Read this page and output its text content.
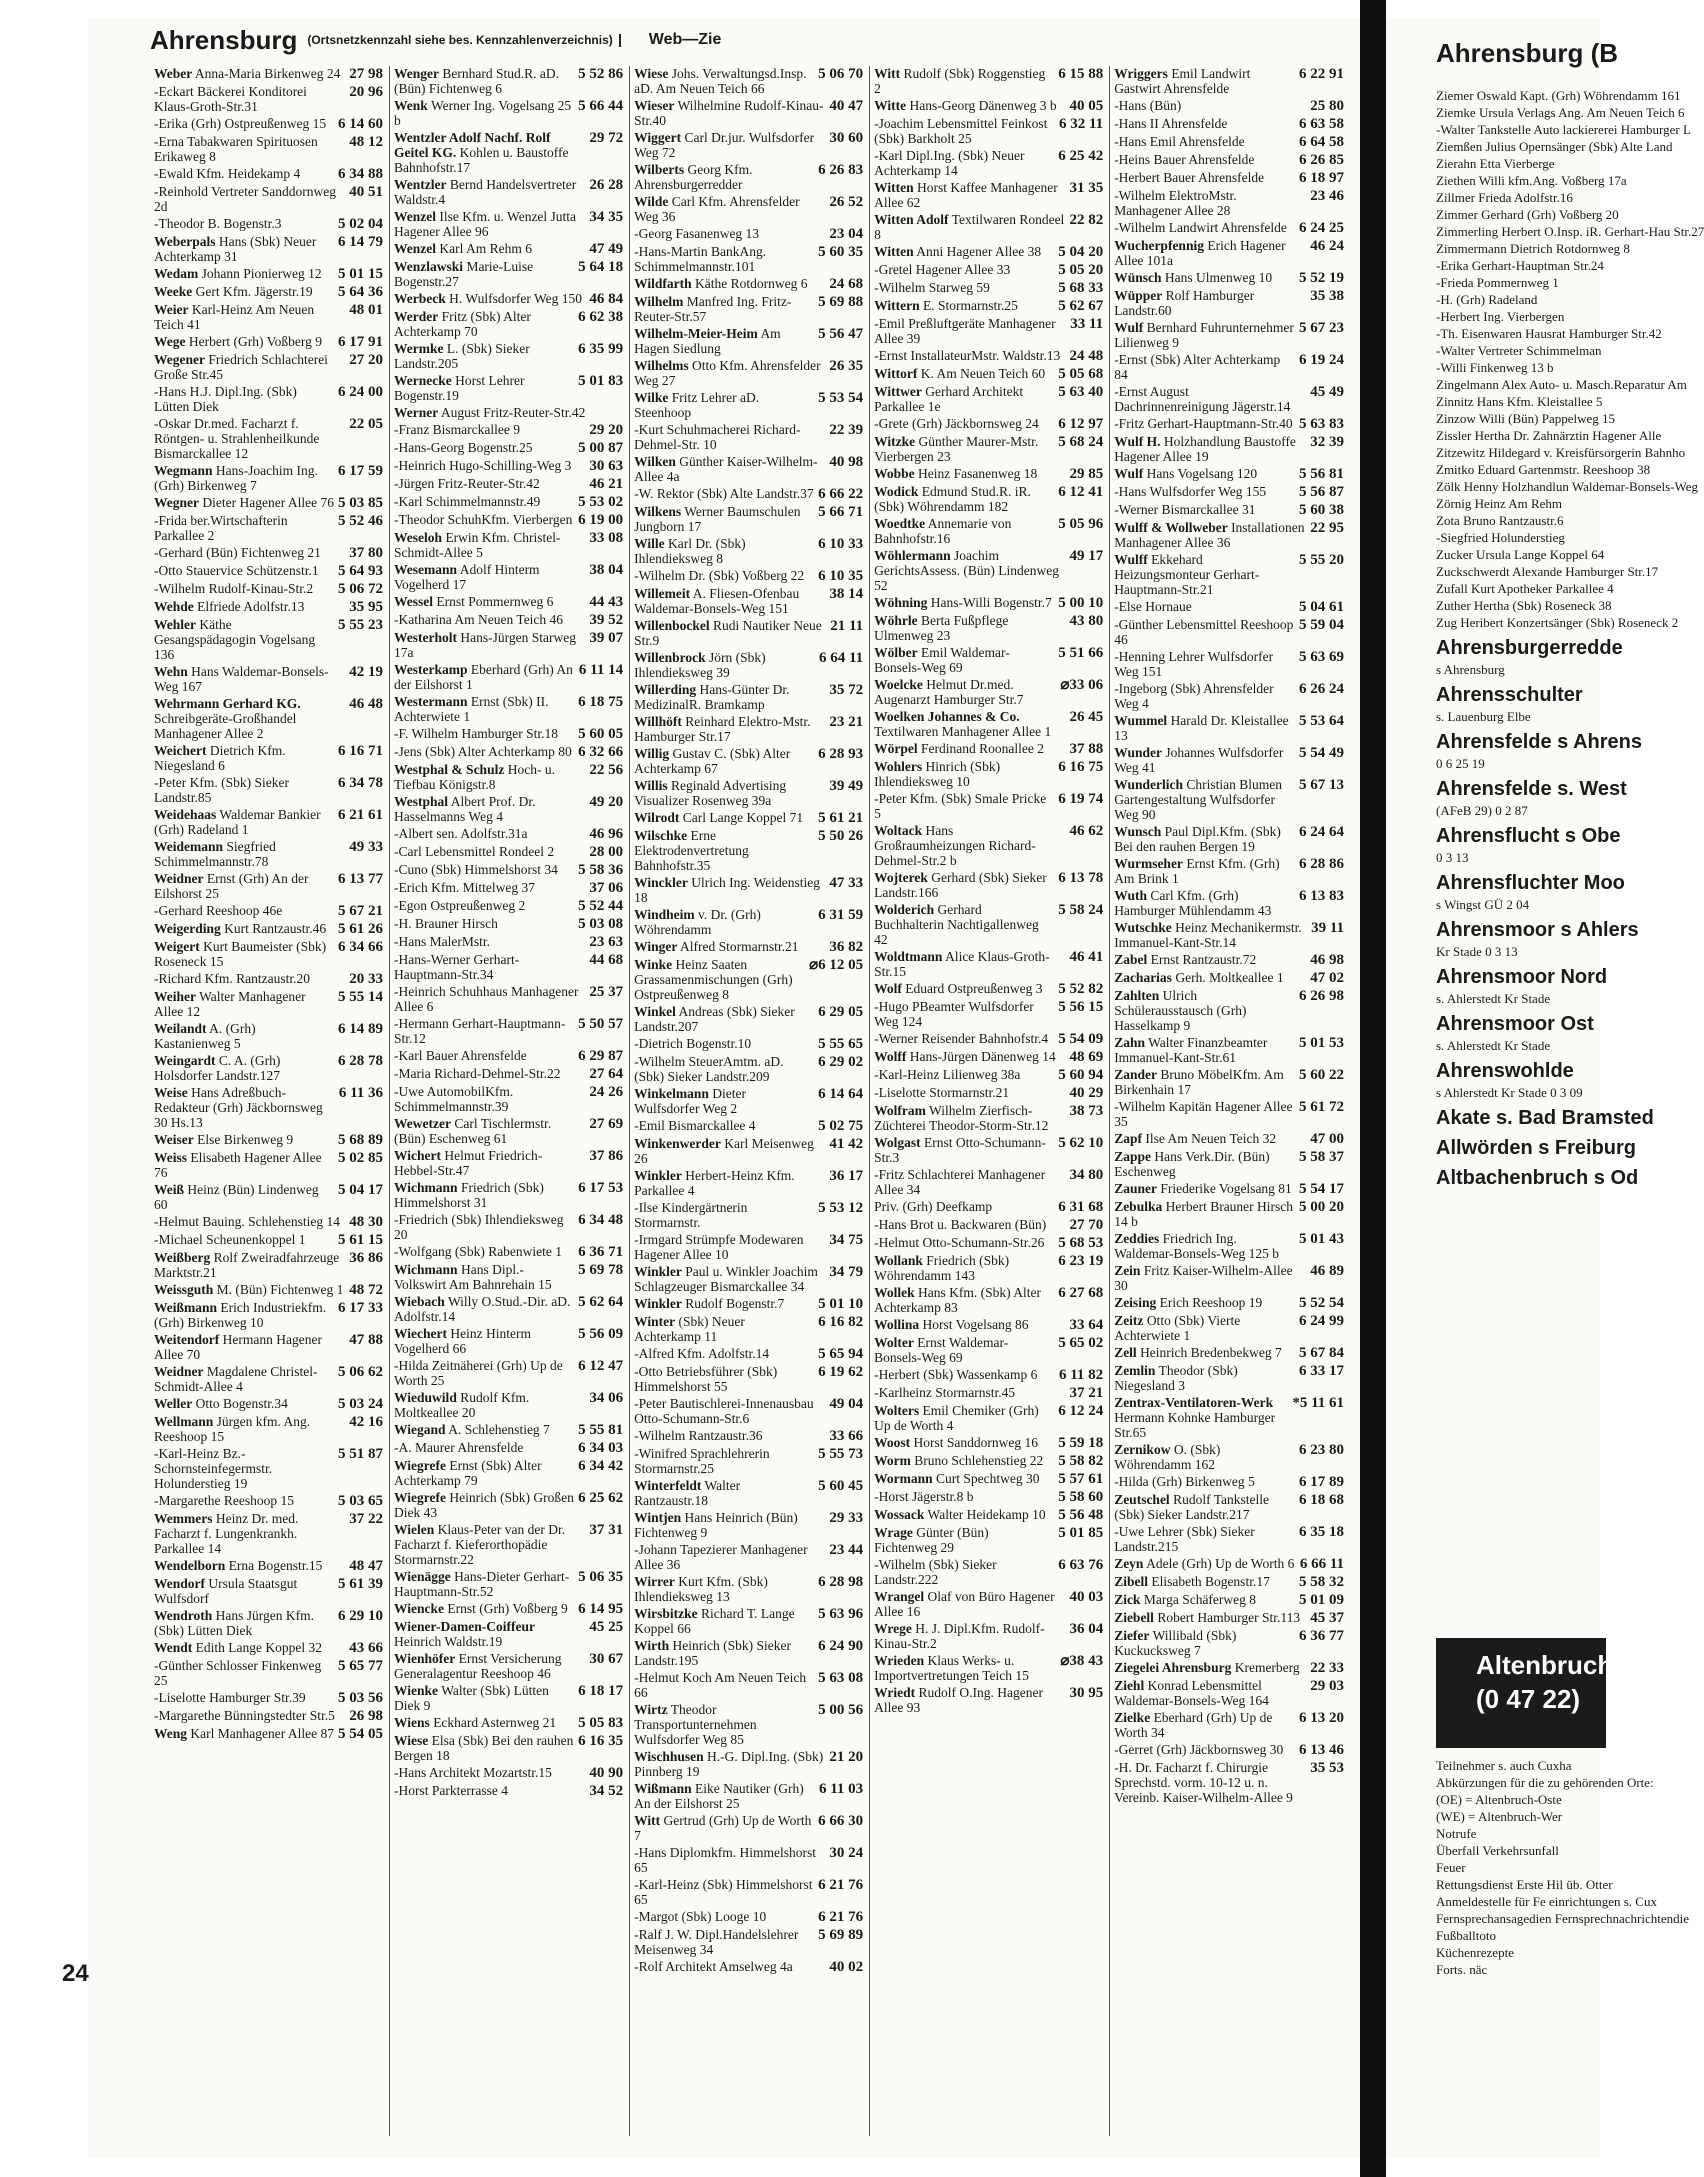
Ahrensburg (Ortsnetzkennzahl siehe bes. Kennzahlenverzeichnis)	Web—Zie
Weber Anna-Maria Birkenweg 24 27 98
-Eckart Bäckerei Konditorei Klaus-Groth-Str.31
20 96
-Erika (Grh) Ostpreußenweg 15 6 14 60
-Erna Tabakwaren Spirituosen Erikaweg 8
48 12
-Ewald Kfm. Heidekamp 4	6 34 88
-Reinhold Vertreter Sanddornweg 2d
40 51
-Theodor B. Bogenstr.3	5 02 04
Weberpals Hans (Sbk) Neuer Achterkamp 31
6 14 79
Wedam Johann Pionierweg 12	5 01 15
Weeke Gert Kfm. Jägerstr.19	5 64 36
Weier Karl-Heinz Am Neuen Teich 41
48 01
Wege Herbert (Grh) Voßberg 9	6 17 91
Wegener Friedrich Schlachterei Große Str.45
27 20
-Hans H.J. Dipl.Ing. (Sbk) Lütten Diek
6 24 00
-Oskar Dr.med. Facharzt f. Röntgen- u. Strahlenheilkunde Bismarckallee 12
22 05
Wegmann Hans-Joachim Ing. (Grh) Birkenweg 7
6 17 59
Wegner Dieter Hagener Allee 76 5 03 85
-Frida ber.Wirtschafterin Parkallee 2
5 52 46
-Gerhard (Bün) Fichtenweg 21	37 80
-Otto Stauervice Schützenstr.1	5 64 93
-Wilhelm Rudolf-Kinau-Str.2	5 06 72
Wehde Elfriede Adolfstr.13	35 95
Wehler Käthe Gesangspädagogin Vogelsang 136
5 55 23
Wehn Hans Waldemar-Bonsels-Weg 167
42 19
Wehrmann Gerhard KG. Schreibgeräte-Großhandel Manhagener Allee 2
46 48
Weichert Dietrich Kfm. Niegesland 6
6 16 71
-Peter Kfm. (Sbk) Sieker Landstr.85
6 34 78
Weidehaas Waldemar Bankier (Grh) Radeland 1
6 21 61
Weidemann Siegfried Schimmelmannstr.78
49 33
Weidner Ernst (Grh) An der Eilshorst 25
6 13 77
-Gerhard Reeshoop 46e	5 67 21
Weigerding Kurt Rantzaustr.46 5 61 26
Weigert Kurt Baumeister (Sbk) Roseneck 15
6 34 66
-Richard Kfm. Rantzaustr.20	20 33
Weiher Walter Manhagener Allee 12
5 55 14
Weilandt A. (Grh) Kastanienweg 5
6 14 89
Weingardt C. A. (Grh) Holsdorfer Landstr.127
6 28 78
Weise Hans Adreßbuch-Redakteur (Grh) Jäckbornsweg 30 Hs.13
6 11 36
Weiser Else Birkenweg 9	5 68 89
Weiss Elisabeth Hagener Allee 76
5 02 85
Weiß Heinz (Bün) Lindenweg 60
5 04 17
-Helmut Bauing. Schlehenstieg 14 48 30
-Michael Scheunenkoppel 1	5 61 15
Weißberg Rolf Zweiradfahrzeuge Marktstr.21
36 86
Weissguth M. (Bün) Fichtenweg 1 48 72
Weißmann Erich Industriekfm. (Grh) Birkenweg 10
6 17 33
Weitendorf Hermann Hagener Allee 70
47 88
Weidner Magdalene Christel-Schmidt-Allee 4
5 06 62
Weller Otto Bogenstr.34	5 03 24
Wellmann Jürgen kfm. Ang. Reeshoop 15
42 16
-Karl-Heinz Bz.-Schornsteinfegermstr. Holunderstieg 19
5 51 87
-Margarethe Reeshoop 15	5 03 65
Wemmers Heinz Dr. med. Facharzt f. Lungenkrankh. Parkallee 14
37 22
Wendelborn Erna Bogenstr.15	48 47
Wendorf Ursula Staatsgut Wulfsdorf
5 61 39
Wendroth Hans Jürgen Kfm. (Sbk) Lütten Diek
6 29 10
Wendt Edith Lange Koppel 32	43 66
-Günther Schlosser Finkenweg 25
5 65 77
-Liselotte Hamburger Str.39	5 03 56
-Margarethe Bünningstedter Str.5 26 98
Weng Karl Manhagener Allee 87 5 54 05
Wenger Bernhard Stud.R. aD. (Bün) Fichtenweg 6
5 52 86
Wenk Werner Ing. Vogelsang 25 b
5 66 44
Wentzler Adolf Nachf. Rolf Geitel KG. Kohlen u. Baustoffe Bahnhofstr.17
29 72
Wentzler Bernd Handelsvertreter Waldstr.4
26 28
Wenzel Ilse Kfm. u. Wenzel Jutta Hagener Allee 96
34 35
Wenzel Karl Am Rehm 6	47 49
Wenzlawski Marie-Luise Bogenstr.27
5 64 18
Werbeck H. Wulfsdorfer Weg 150 46 84
Werder Fritz (Sbk) Alter Achterkamp 70
6 62 38
Wermke L. (Sbk) Sieker Landstr.205
6 35 99
Wernecke Horst Lehrer Bogenstr.19
5 01 83
Werner August Fritz-Reuter-Str.42
-Franz Bismarckallee 9	29 20
-Hans-Georg Bogenstr.25	5 00 87
-Heinrich Hugo-Schilling-Weg 3	30 63
-Jürgen Fritz-Reuter-Str.42	46 21
-Karl Schimmelmannstr.49	5 53 02
-Theodor SchuhKfm. Vierbergen 6 19 00
Weseloh Erwin Kfm. Christel-Schmidt-Allee 5
33 08
Wesemann Adolf Hinterm Vogelherd 17
38 04
Wessel Ernst Pommernweg 6	44 43
-Katharina Am Neuen Teich 46	39 52
Westerholt Hans-Jürgen Starweg 17a
39 07
Westerkamp Eberhard (Grh) An der Eilshorst 1
6 11 14
Westermann Ernst (Sbk) II. Achterwiete 1
6 18 75
-F. Wilhelm Hamburger Str.18	5 60 05
-Jens (Sbk) Alter Achterkamp 80 6 32 66
Westphal & Schulz Hoch- u. Tiefbau Königstr.8
22 56
Westphal Albert Prof. Dr. Hasselmanns Weg 4
49 20
-Albert sen. Adolfstr.31a	46 96
-Carl Lebensmittel Rondeel 2	28 00
-Cuno (Sbk) Himmelshorst 34	5 58 36
-Erich Kfm. Mittelweg 37	37 06
-Egon Ostpreußenweg 2	5 52 44
-H. Brauner Hirsch	5 03 08
-Hans MalerMstr.	23 63
-Hans-Werner Gerhart-Hauptmann-Str.34
44 68
-Heinrich Schuhhaus Manhagener Allee 6
25 37
-Hermann Gerhart-Hauptmann-Str.12
5 50 57
-Karl Bauer Ahrensfelde	6 29 87
-Maria Richard-Dehmel-Str.22	27 64
-Uwe AutomobilKfm. Schimmelmannstr.39
24 26
Wewetzer Carl Tischlermstr. (Bün) Eschenweg 61
27 69
Wichert Helmut Friedrich-Hebbel-Str.47
37 86
Wichmann Friedrich (Sbk) Himmelshorst 31
6 17 53
-Friedrich (Sbk) Ihlendieksweg 20
6 34 48
-Wolfgang (Sbk) Rabenwiete 1	6 36 71
Wichmann Hans Dipl.-Volkswirt Am Bahnrehain 15
5 69 78
Wiebach Willy O.Stud.-Dir. aD. Adolfstr.14
5 62 64
Wiechert Heinz Hinterm Vogelherd 66
5 56 09
-Hilda Zeitnäherei (Grh) Up de Worth 25
6 12 47
Wieduwild Rudolf Kfm. Moltkeallee 20
34 06
Wiegand A. Schlehenstieg 7	5 55 81
-A. Maurer Ahrensfelde	6 34 03
Wiegrefe Ernst (Sbk) Alter Achterkamp 79
6 34 42
Wiegrefe Heinrich (Sbk) Großen Diek 43
6 25 62
Wielen Klaus-Peter van der Dr. Facharzt f. Kieferorthopädie Stormarnstr.22
37 31
Wienägge Hans-Dieter Gerhart-Hauptmann-Str.52
5 06 35
Wiencke Ernst (Grh) Voßberg 9 6 14 95
Wiener-Damen-Coiffeur Heinrich Waldstr.19
45 25
Wienhöfer Ernst Versicherung Generalagentur Reeshoop 46
30 67
Wienke Walter (Sbk) Lütten Diek 9
6 18 17
Wiens Eckhard Asternweg 21	5 05 83
Wiese Elsa (Sbk) Bei den rauhen Bergen 18
6 16 35
-Hans Architekt Mozartstr.15	40 90
-Horst Parkterrasse 4	34 52
Wiese Johs. Verwaltungsd.Insp. aD. Am Neuen Teich 66
5 06 70
Wieser Wilhelmine Rudolf-Kinau-Str.40
40 47
Wiggert Carl Dr.jur. Wulfsdorfer Weg 72
30 60
Wilberts Georg Kfm. Ahrensburgerredder
6 26 83
Wilde Carl Kfm. Ahrensfelder Weg 36
26 52
-Georg Fasanenweg 13	23 04
-Hans-Martin BankAng. Schimmelmannstr.101
5 60 35
Wildfarth Käthe Rotdornweg 6	24 68
Wilhelm Manfred Ing. Fritz-Reuter-Str.57
5 69 88
Wilhelm-Meier-Heim Am Hagen Siedlung
5 56 47
Wilhelms Otto Kfm. Ahrensfelder Weg 27
26 35
Wilke Fritz Lehrer aD. Steenhoop
5 53 54
-Kurt Schuhmacherei Richard-Dehmel-Str. 10
22 39
Wilken Günther Kaiser-Wilhelm-Allee 4a
40 98
-W. Rektor (Sbk) Alte Landstr.37 6 66 22
Wilkens Werner Baumschulen Jungborn 17
5 66 71
Wille Karl Dr. (Sbk) Ihlendieksweg 8
6 10 33
-Wilhelm Dr. (Sbk) Voßberg 22 6 10 35
Willemeit A. Fliesen-Ofenbau Waldemar-Bonsels-Weg 151
38 14
Willenbockel Rudi Nautiker Neue Str.9
21 11
Willenbrock Jörn (Sbk) Ihlendieksweg 39
6 64 11
Willerding Hans-Günter Dr. MedizinalR. Bramkamp
35 72
Willhöft Reinhard Elektro-Mstr. Hamburger Str.17
23 21
Willig Gustav C. (Sbk) Alter Achterkamp 67
6 28 93
Willis Reginald Advertising Visualizer Rosenweg 39a
39 49
Wilrodt Carl Lange Koppel 71	5 61 21
Wilschke Erne Elektrodenvertretung Bahnhofstr.35
5 50 26
Winckler Ulrich Ing. Weidenstieg 18
47 33
Windheim v. Dr. (Grh) Wöhrendamm
6 31 59
Winger Alfred Stormarnstr.21	36 82
Winke Heinz Saaten Grassamenmischungen (Grh) Ostpreußenweg 8
⌀6 12 05
Winkel Andreas (Sbk) Sieker Landstr.207
6 29 05
-Dietrich Bogenstr.10	5 55 65
-Wilhelm SteuerAmtm. aD. (Sbk) Sieker Landstr.209
6 29 02
Winkelmann Dieter Wulfsdorfer Weg 2
6 14 64
-Emil Bismarckallee 4	5 02 75
Winkenwerder Karl Meisenweg 26
41 42
Winkler Herbert-Heinz Kfm. Parkallee 4
36 17
-Ilse Kindergärtnerin Stormarnstr.
5 53 12
-Irmgard Strümpfe Modewaren Hagener Allee 10
34 75
Winkler Paul u. Winkler Joachim Schlagzeuger Bismarckallee 34
34 79
Winkler Rudolf Bogenstr.7	5 01 10
Winter (Sbk) Neuer Achterkamp 11
6 16 82
-Alfred Kfm. Adolfstr.14	5 65 94
-Otto Betriebsführer (Sbk) Himmelshorst 55
6 19 62
-Peter Bautischlerei-Innenausbau Otto-Schumann-Str.6
49 04
-Wilhelm Rantzaustr.36	33 66
-Winifred Sprachlehrerin Stormarnstr.25
5 55 73
Winterfeldt Walter Rantzaustr.18
5 60 45
Wintjen Hans Heinrich (Bün) Fichtenweg 9
29 33
-Johann Tapezierer Manhagener Allee 36
23 44
Wirrer Kurt Kfm. (Sbk) Ihlendieksweg 13
6 28 98
Wirsbitzke Richard T. Lange Koppel 66
5 63 96
Wirth Heinrich (Sbk) Sieker Landstr.195
6 24 90
-Helmut Koch Am Neuen Teich 66
5 63 08
Wirtz Theodor Transportunternehmen Wulfsdorfer Weg 85
5 00 56
Wischhusen H.-G. Dipl.Ing. (Sbk) Pinnberg 19
21 20
Wißmann Eike Nautiker (Grh) An der Eilshorst 25
6 11 03
Witt Gertrud (Grh) Up de Worth 7
6 66 30
-Hans Diplomkfm. Himmelshorst 65
30 24
-Karl-Heinz (Sbk) Himmelshorst 65
6 21 76
-Margot (Sbk) Looge 10	6 21 76
-Ralf J. W. Dipl.Handelslehrer Meisenweg 34
5 69 89
-Rolf Architekt Amselweg 4a	40 02
Witt Rudolf (Sbk) Roggenstieg 2
6 15 88
Witte Hans-Georg Dänenweg 3 b 40 05
-Joachim Lebensmittel Feinkost (Sbk) Barkholt 25
6 32 11
-Karl Dipl.Ing. (Sbk) Neuer Achterkamp 14
6 25 42
Witten Horst Kaffee Manhagener Allee 62
31 35
Witten Adolf Textilwaren Rondeel 8
22 82
Witten Anni Hagener Allee 38	5 04 20
-Gretel Hagener Allee 33	5 05 20
-Wilhelm Starweg 59	5 68 33
Wittern E. Stormarnstr.25	5 62 67
-Emil Preßluftgeräte Manhagener Allee 39
33 11
-Ernst InstallateurMstr. Waldstr.13 24 48
Wittorf K. Am Neuen Teich 60 5 05 68
Wittwer Gerhard Architekt Parkallee 1e
5 63 40
-Grete (Grh) Jäckbornsweg 24	6 12 97
Witzke Günther Maurer-Mstr. Vierbergen 23
5 68 24
Wobbe Heinz Fasanenweg 18	29 85
Wodick Edmund Stud.R. iR. (Sbk) Wöhrendamm 182
6 12 41
Woedtke Annemarie von Bahnhofstr.16
5 05 96
Wöhlermann Joachim GerichtsAssess. (Bün) Lindenweg 52
49 17
Wöhning Hans-Willi Bogenstr.7 5 00 10
Wöhrle Berta Fußpflege Ulmenweg 23
43 80
Wölber Emil Waldemar-Bonsels-Weg 69
5 51 66
Woelcke Helmut Dr.med. Augenarzt Hamburger Str.7
⌀33 06
Woelken Johannes & Co. Textilwaren Manhagener Allee 1
26 45
Wörpel Ferdinand Roonallee 2	37 88
Wohlers Hinrich (Sbk) Ihlendieksweg 10
6 16 75
-Peter Kfm. (Sbk) Smale Pricke 5
6 19 74
Woltack Hans Großraumheizungen Richard-Dehmel-Str.2 b
46 62
Wojterek Gerhard (Sbk) Sieker Landstr.166
6 13 78
Wolderich Gerhard Buchhalterin Nachtigallenweg 42
5 58 24
Woldtmann Alice Klaus-Groth-Str.15
46 41
Wolf Eduard Ostpreußenweg 3	5 52 82
-Hugo PBeamter Wulfsdorfer Weg 124
5 56 15
-Werner Reisender Bahnhofstr.4 5 54 09
Wolff Hans-Jürgen Dänenweg 14 48 69
-Karl-Heinz Lilienweg 38a	5 60 94
-Liselotte Stormarnstr.21	40 29
Wolfram Wilhelm Zierfisch-Züchterei Theodor-Storm-Str.12
38 73
Wolgast Ernst Otto-Schumann-Str.3
5 62 10
-Fritz Schlachterei Manhagener Allee 34
34 80
Priv. (Grh) Deefkamp	6 31 68
-Hans Brot u. Backwaren (Bün)	27 70
-Helmut Otto-Schumann-Str.26 5 68 53
Wollank Friedrich (Sbk) Wöhrendamm 143
6 23 19
Wollek Hans Kfm. (Sbk) Alter Achterkamp 83
6 27 68
Wollina Horst Vogelsang 86	33 64
Wolter Ernst Waldemar-Bonsels-Weg 69
5 65 02
-Herbert (Sbk) Wassenkamp 6	6 11 82
-Karlheinz Stormarnstr.45	37 21
Wolters Emil Chemiker (Grh) Up de Worth 4
6 12 24
Woost Horst Sanddornweg 16	5 59 18
Worm Bruno Schlehenstieg 22 5 58 82
Wormann Curt Spechtweg 30	5 57 61
-Horst Jägerstr.8 b	5 58 60
Wossack Walter Heidekamp 10 5 56 48
Wrage Günter (Bün) Fichtenweg 29
5 01 85
-Wilhelm (Sbk) Sieker Landstr.222
6 63 76
Wrangel Olaf von Büro Hagener Allee 16
40 03
Wrege H. J. Dipl.Kfm. Rudolf-Kinau-Str.2
36 04
Wrieden Klaus Werks- u. Importvertretungen Teich 15
⌀38 43
Wriedt Rudolf O.Ing. Hagener Allee 93
30 95
Wriggers Emil Landwirt Gastwirt Ahrensfelde
6 22 91
-Hans (Bün)	25 80
-Hans II Ahrensfelde	6 63 58
-Hans Emil Ahrensfelde	6 64 58
-Heins Bauer Ahrensfelde	6 26 85
-Herbert Bauer Ahrensfelde	6 18 97
-Wilhelm ElektroMstr. Manhagener Allee 28
23 46
-Wilhelm Landwirt Ahrensfelde 6 24 25
Wucherpfennig Erich Hagener Allee 101a
46 24
Wünsch Hans Ulmenweg 10	5 52 19
Wüpper Rolf Hamburger Landstr.60
35 38
Wulf Bernhard Fuhrunternehmer Lilienweg 9
5 67 23
-Ernst (Sbk) Alter Achterkamp 84
6 19 24
-Ernst August Dachrinnenreinigung Jägerstr.14
45 49
-Fritz Gerhart-Hauptmann-Str.40 5 63 83
Wulf H. Holzhandlung Baustoffe Hagener Allee 19
32 39
Wulf Hans Vogelsang 120	5 56 81
-Hans Wulfsdorfer Weg 155	5 56 87
-Werner Bismarckallee 31	5 60 38
Wulff & Wollweber Installationen Manhagener Allee 36
22 95
Wulff Ekkehard Heizungsmonteur Gerhart-Hauptmann-Str.21
5 55 20
-Else Hornaue	5 04 61
-Günther Lebensmittel Reeshoop 46
5 59 04
-Henning Lehrer Wulfsdorfer Weg 151
5 63 69
-Ingeborg (Sbk) Ahrensfelder Weg 4
6 26 24
Wummel Harald Dr. Kleistallee 13
5 53 64
Wunder Johannes Wulfsdorfer Weg 41
5 54 49
Wunderlich Christian Blumen Gartengestaltung Wulfsdorfer Weg 90
5 67 13
Wunsch Paul Dipl.Kfm. (Sbk) Bei den rauhen Bergen 19
6 24 64
Wurmseher Ernst Kfm. (Grh) Am Brink 1
6 28 86
Wuth Carl Kfm. (Grh) Hamburger Mühlendamm 43
6 13 83
Wutschke Heinz Mechanikermstr. Immanuel-Kant-Str.14
39 11
Zabel Ernst Rantzaustr.72	46 98
Zacharias Gerh. Moltkeallee 1	47 02
Zahlten Ulrich Schülerausstausch (Grh) Hasselkamp 9
6 26 98
Zahn Walter Finanzbeamter Immanuel-Kant-Str.61
5 01 53
Zander Bruno MöbelKfm. Am Birkenhain 17
5 60 22
-Wilhelm Kapitän Hagener Allee 35
5 61 72
Zapf Ilse Am Neuen Teich 32	47 00
Zappe Hans Verk.Dir. (Bün) Eschenweg
5 58 37
Zauner Friederike Vogelsang 81 5 54 17
Zebulka Herbert Brauner Hirsch 14 b
5 00 20
Zeddies Friedrich Ing. Waldemar-Bonsels-Weg 125 b
5 01 43
Zein Fritz Kaiser-Wilhelm-Allee 30
46 89
Zeising Erich Reeshoop 19	5 52 54
Zeitz Otto (Sbk) Vierte Achterwiete 1
6 24 99
Zell Heinrich Bredenbekweg 7	5 67 84
Zemlin Theodor (Sbk) Niegesland 3
6 33 17
Zentrax-Ventilatoren-Werk Hermann Kohnke Hamburger Str.65
*5 11 61
Zernikow O. (Sbk) Wöhrendamm 162
6 23 80
-Hilda (Grh) Birkenweg 5	6 17 89
Zeutschel Rudolf Tankstelle (Sbk) Sieker Landstr.217
6 18 68
-Uwe Lehrer (Sbk) Sieker Landstr.215
6 35 18
Zeyn Adele (Grh) Up de Worth 6 6 66 11
Zibell Elisabeth Bogenstr.17	5 58 32
Zick Marga Schäferweg 8	5 01 09
Ziebell Robert Hamburger Str.113 45 37
Ziefer Willibald (Sbk) Kuckucksweg 7
6 36 77
Ziegelei Ahrensburg Kremerberg 22 33
Ziehl Konrad Lebensmittel Waldemar-Bonsels-Weg 164
29 03
Zielke Eberhard (Grh) Up de Worth 34
6 13 20
-Gerret (Grh) Jäckbornsweg 30	6 13 46
-H. Dr. Facharzt f. Chirurgie Sprechstd. vorm. 10-12 u. n. Vereinb. Kaiser-Wilhelm-Allee 9
35 53
24
Ahrensburg (B
Ziemer Oswald Kapt. (Grh) Wöhrendamm 161
Ziemke Ursula Verlags Ang. Am Neuen Teich 6
-Walter Tankstelle Auto lackiererei Hamburger L
Ziemßen Julius Opernsänger (Sbk) Alte Land
Zierahn Etta Vierberge
Ziethen Willi kfm.Ang. Voßberg 17a
Zillmer Frieda Adolfstr.16
Zimmer Gerhard (Grh) Voßberg 20
Zimmerling Herbert O.Insp. iR. Gerhart-Hau Str.27
Zimmermann Dietrich Rotdornweg 8
-Erika Gerhart-Hauptman Str.24
-Frieda Pommernweg 1
-H. (Grh) Radeland
-Herbert Ing. Vierbergen
-Th. Eisenwaren Hausrat Hamburger Str.42
-Walter Vertreter Schimmelman
-Willi Finkenweg 13 b
Zingelmann Alex Auto- u. Masch.Reparatur Am
Zinnitz Hans Kfm. Kleistallee 5
Zinzow Willi (Bün) Pappelweg 15
Zissler Hertha Dr. Zahnärztin Hagener Alle
Zitzewitz Hildegard v. Kreisfürsorgerin Bahnho
Zmitko Eduard Gartenmstr. Reeshoop 38
Zölk Henny Holzhandlun Waldemar-Bonsels-Weg
Zörnig Heinz Am Rehm
Zota Bruno Rantzaustr.6
-Siegfried Holunderstieg
Zucker Ursula Lange Koppel 64
Zuckschwerdt Alexande Hamburger Str.17
Zufall Kurt Apotheker Parkallee 4
Zuther Hertha (Sbk) Roseneck 38
Zug Heribert Konzertsänger (Sbk) Roseneck 2
Ahrensburgerredde
s Ahrensburg
Ahrensschulter
s. Lauenburg Elbe
Ahrensfelde s Ahrens
0 6 25 19
Ahrensfelde s. West
(AFeB 29) 0 2 87
Ahrensflucht s Obe
0 3 13
Ahrensfluchter Moo
s Wingst GÜ 2 04
Ahrensmoor s Ahlers
Kr Stade 0 3 13
Ahrensmoor Nord
s. Ahlerstedt Kr Stade
Ahrensmoor Ost
s. Ahlerstedt Kr Stade
Ahrenswohlde
s Ahlerstedt Kr Stade 0 3 09
Akate s. Bad Bramsted
Allwörden s Freiburg
Altbachenbruch s Od
Altenbruch
(0 47 22)
Teilnehmer s. auch Cuxha
Abkürzungen für die zu gehörenden Orte:
(OE) = Altenbruch-Oste
(WE) = Altenbruch-Wer
Notrufe
Überfall Verkehrsunfall
Feuer
Rettungsdienst Erste Hil üb. Otter
Anmeldestelle für Fe einrichtungen s. Cux
Fernsprechansagedien Fernsprechnachrichtendie
Fußballtoto
Küchenrezepte
Forts. näc
